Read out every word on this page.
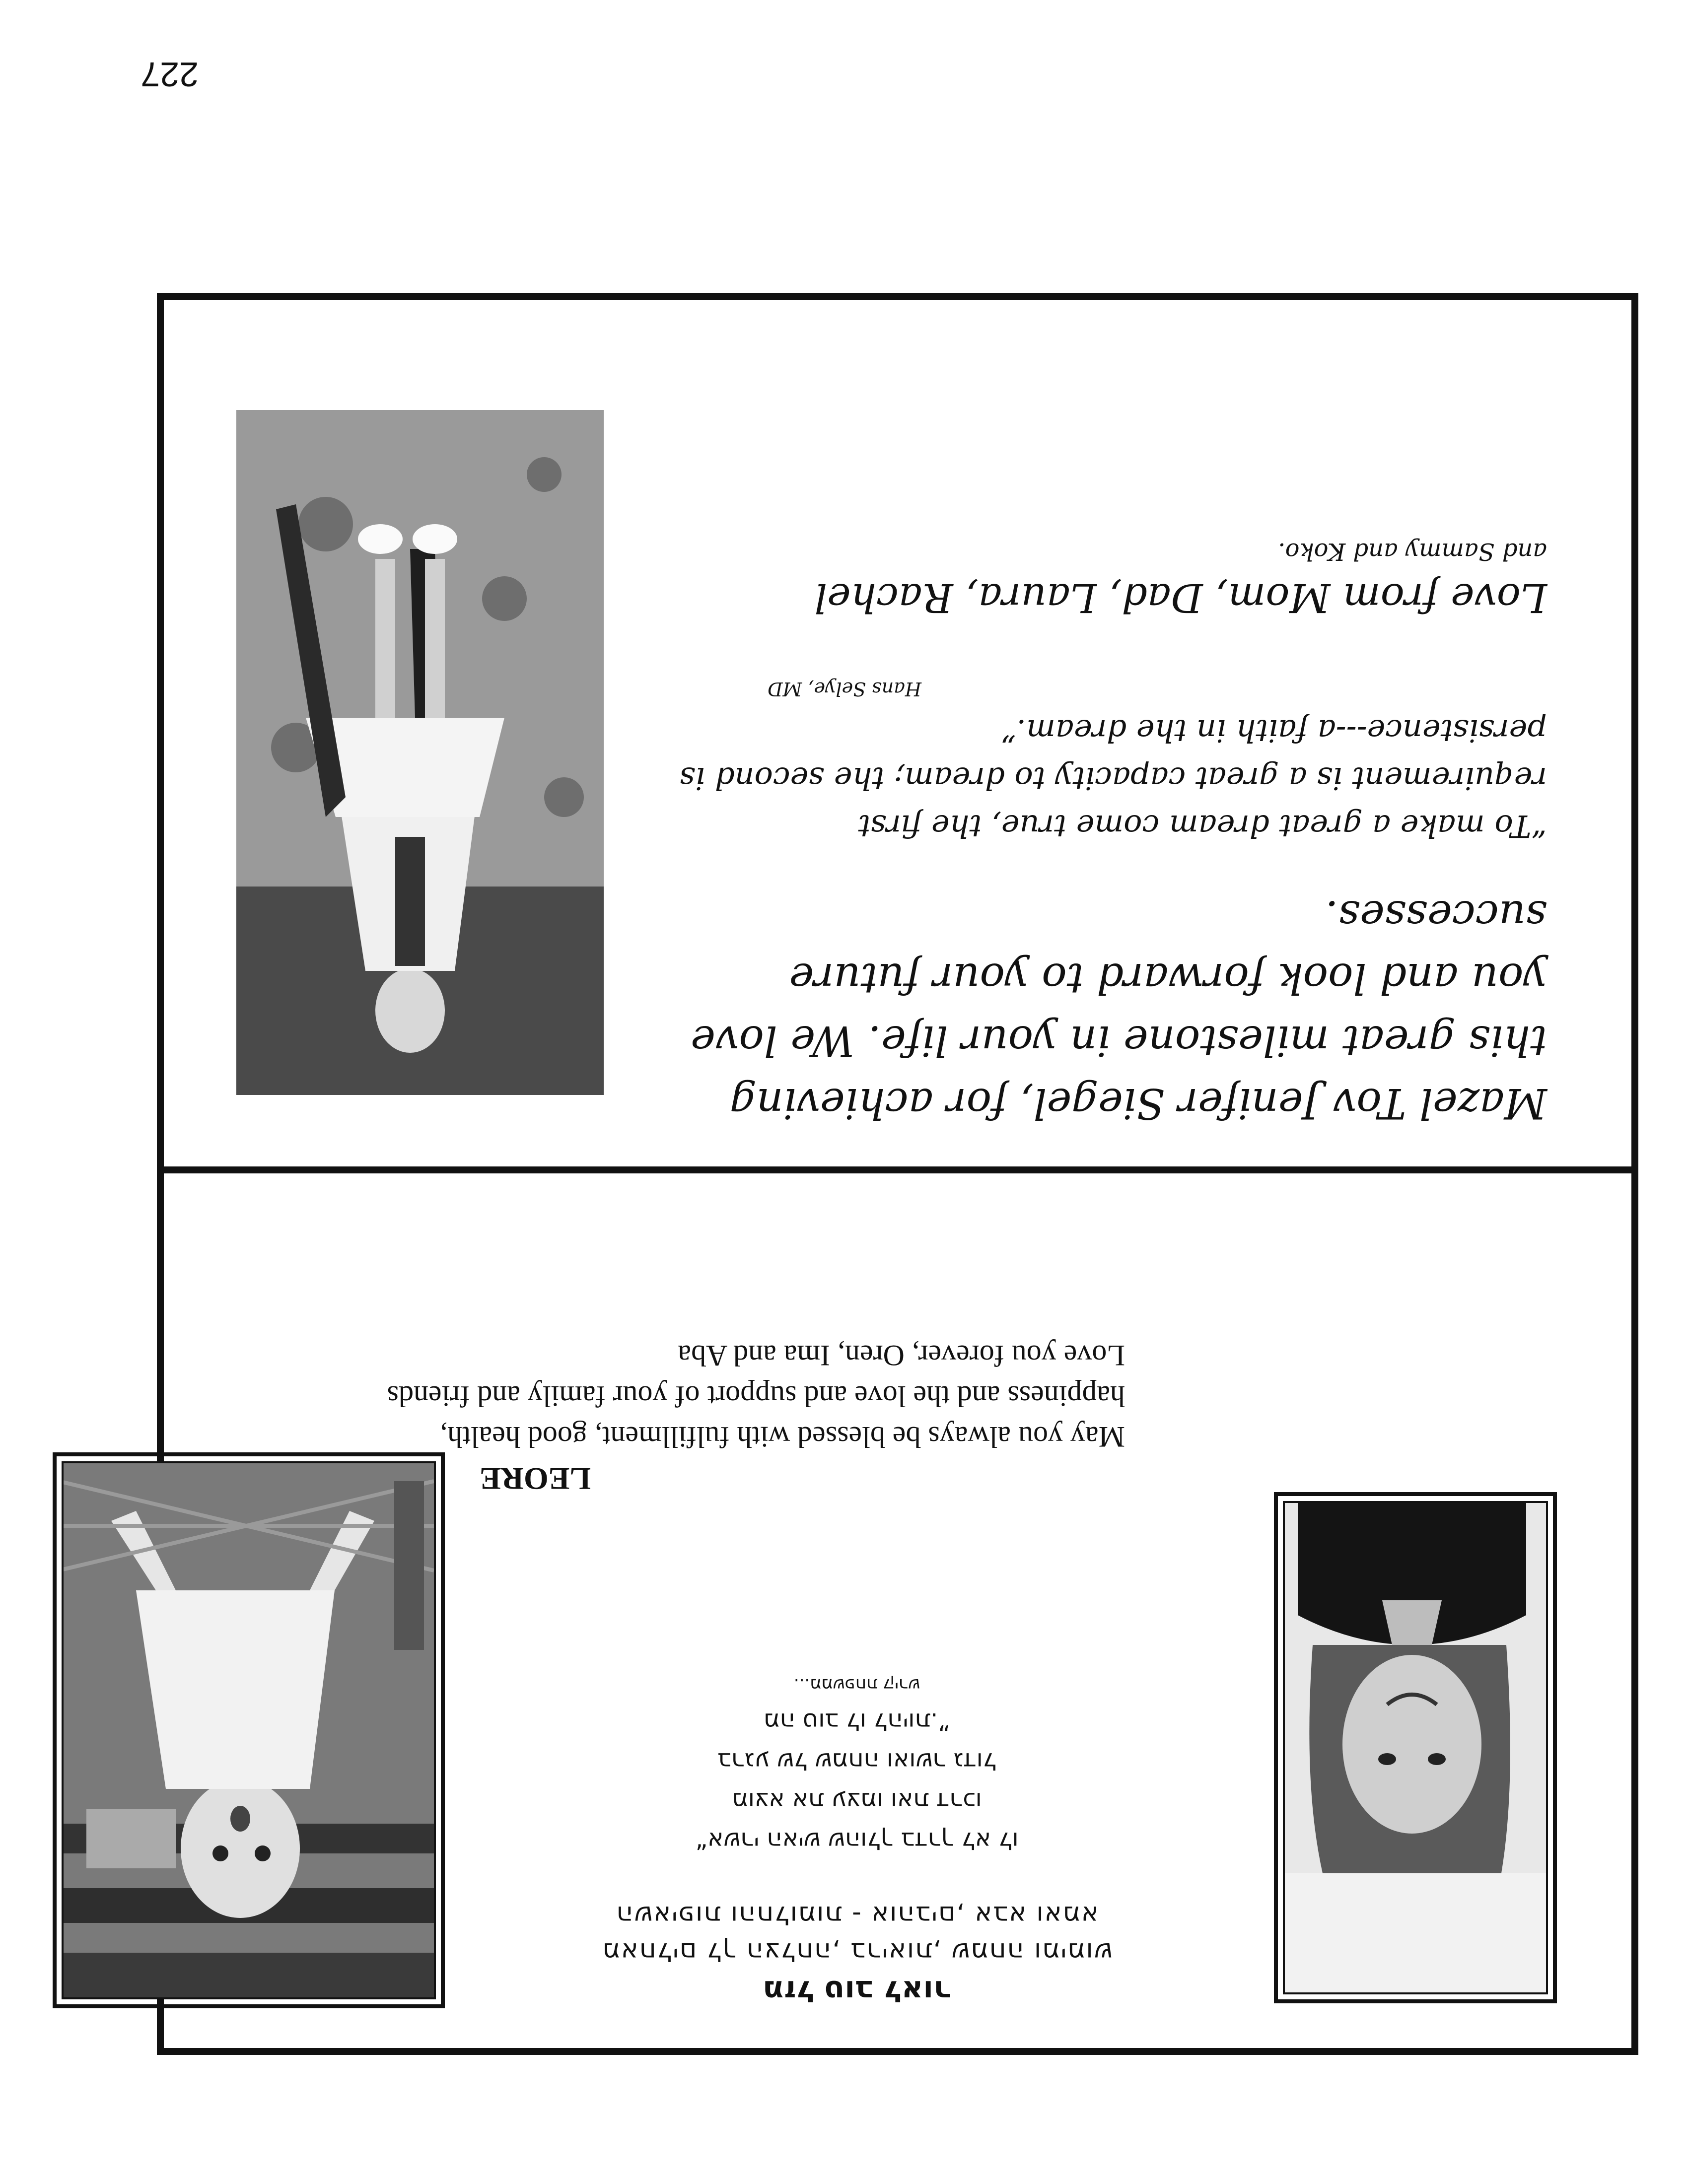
Mazel Tov Jenifer Siegel, for achieving this great milestone in your life. We love you and look forward to your future successes.

“To make a great dream come true, the first requirement is a great capacity to dream; the second is persistence---a faith in the dream.”

Hans Selye, MD

Love from Mom, Dad, Laura, Rachel

and Sammy and Koko.

מזל טוב לאור

מאחלים לך הצלחה, בריאות, שמחה ומימוש

השאיפות והחלומות - אוהבים, אבא ואמא

“אשרי האיש שהולך בדרך לא לו
מוצא את עצמו ואת דרכו
ברגע של שמחה ואושר גדול
מה טוב לו להיות.”

...ממשפחת קירש

LEORE
May you always be blessed with fulfillment, good health, happiness and the love and support of your family and friends
Love you forever, Oren, Ima and Aba
227
